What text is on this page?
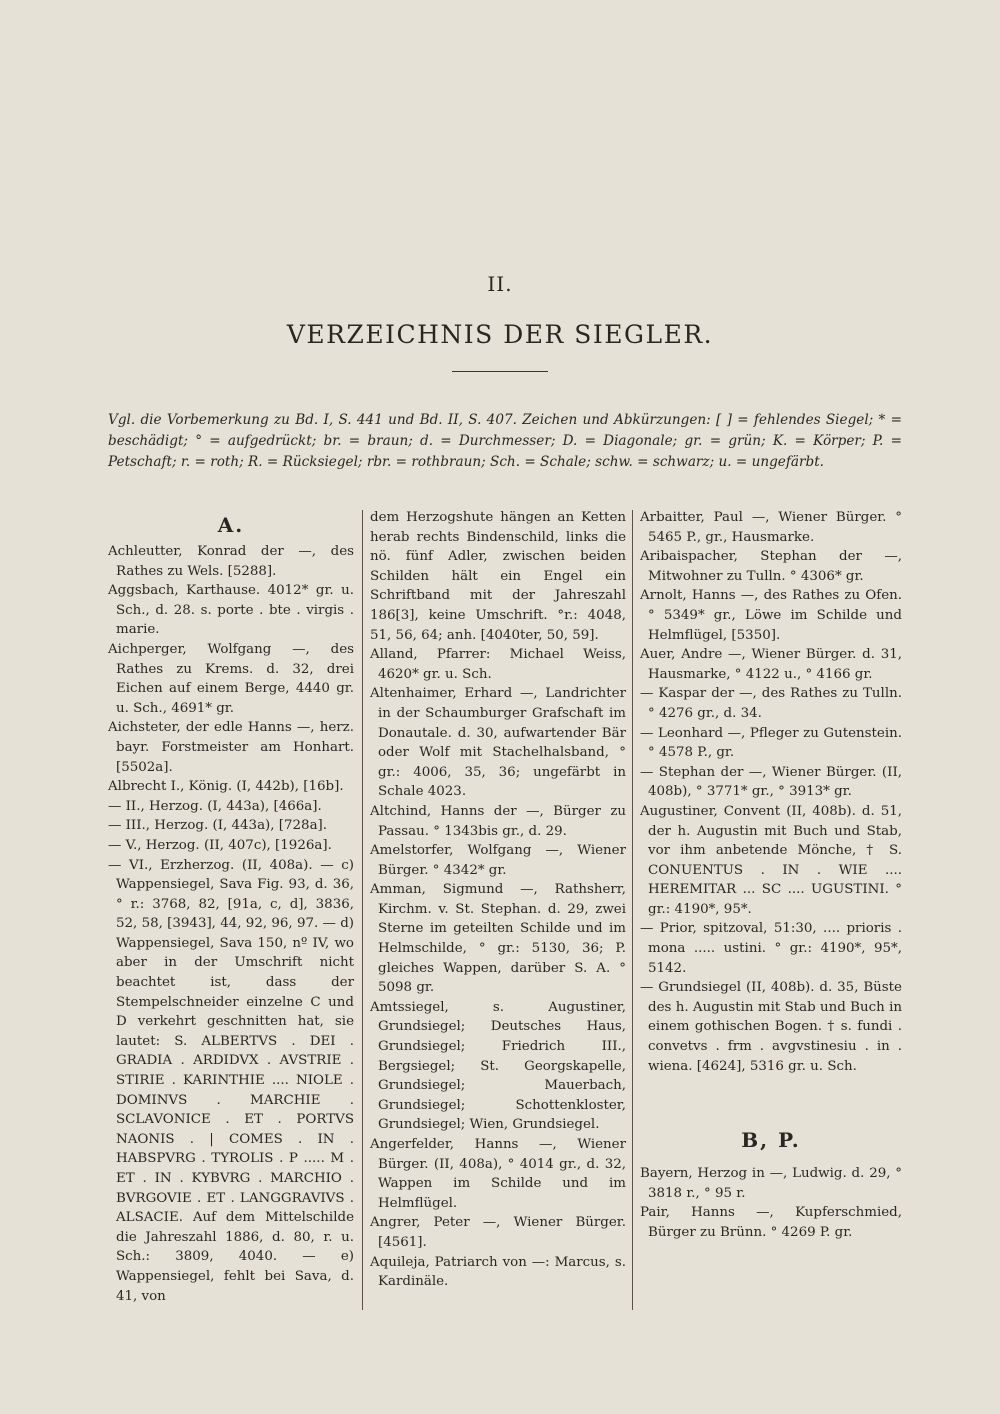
II.
VERZEICHNIS DER SIEGLER.
Vgl. die Vorbemerkung zu Bd. I, S. 441 und Bd. II, S. 407. Zeichen und Abkürzungen: [ ] = fehlendes Siegel; * = beschädigt; ° = aufgedrückt; br. = braun; d. = Durchmesser; D. = Diagonale; gr. = grün; K. = Körper; P. = Petschaft; r. = roth; R. = Rücksiegel; rbr. = rothbraun; Sch. = Schale; schw. = schwarz; u. = ungefärbt.
A.
Achleutter, Konrad der —, des Rathes zu Wels. [5288].
Aggsbach, Karthause. 4012* gr. u. Sch., d. 28. s. porte . bte . virgis . marie.
Aichperger, Wolfgang —, des Rathes zu Krems. d. 32, drei Eichen auf einem Berge, 4440 gr. u. Sch., 4691* gr.
Aichsteter, der edle Hanns —, herz. bayr. Forstmeister am Honhart. [5502a].
Albrecht I., König. (I, 442b), [16b].
— II., Herzog. (I, 443a), [466a].
— III., Herzog. (I, 443a), [728a].
— V., Herzog. (II, 407c), [1926a].
— VI., Erzherzog. (II, 408a). — c) Wappensiegel, Sava Fig. 93, d. 36, ° r.: 3768, 82, [91a, c, d], 3836, 52, 58, [3943], 44, 92, 96, 97. — d) Wappensiegel, Sava 150, nº IV, wo aber in der Umschrift nicht beachtet ist, dass der Stempelschneider einzelne C und D verkehrt geschnitten hat, sie lautet: S. ALBERTVS . DEI . GRADIA . ARDIDVX . AVSTRIE . STIRIE . KARINTHIE .... NIOLE . DOMINVS . MARCHIE . SCLAVONICE . ET . PORTVS NAONIS . | COMES . IN . HABSPVRG . TYROLIS . P ..... M . ET . IN . KYBVRG . MARCHIO . BVRGOVIE . ET . LANGGRAVIVS . ALSACIE. Auf dem Mittelschilde die Jahreszahl 1886, d. 80, r. u. Sch.: 3809, 4040. — e) Wappensiegel, fehlt bei Sava, d. 41, von
dem Herzogshute hängen an Ketten herab rechts Bindenschild, links die nö. fünf Adler, zwischen beiden Schilden hält ein Engel ein Schriftband mit der Jahreszahl 186[3], keine Umschrift. °r.: 4048, 51, 56, 64; anh. [4040ter, 50, 59].
Alland, Pfarrer: Michael Weiss, 4620* gr. u. Sch.
Altenhaimer, Erhard —, Landrichter in der Schaumburger Grafschaft im Donautale. d. 30, aufwartender Bär oder Wolf mit Stachelhalsband, ° gr.: 4006, 35, 36; ungefärbt in Schale 4023.
Altchind, Hanns der —, Bürger zu Passau. ° 1343bis gr., d. 29.
Amelstorfer, Wolfgang —, Wiener Bürger. ° 4342* gr.
Amman, Sigmund —, Rathsherr, Kirchm. v. St. Stephan. d. 29, zwei Sterne im geteilten Schilde und im Helmschilde, ° gr.: 5130, 36; P. gleiches Wappen, darüber S. A. ° 5098 gr.
Amtssiegel, s. Augustiner, Grundsiegel; Deutsches Haus, Grundsiegel; Friedrich III., Bergsiegel; St. Georgskapelle, Grundsiegel; Mauerbach, Grundsiegel; Schottenkloster, Grundsiegel; Wien, Grundsiegel.
Angerfelder, Hanns —, Wiener Bürger. (II, 408a), ° 4014 gr., d. 32, Wappen im Schilde und im Helmflügel.
Angrer, Peter —, Wiener Bürger. [4561].
Aquileja, Patriarch von —: Marcus, s. Kardinäle.
Arbaitter, Paul —, Wiener Bürger. ° 5465 P., gr., Hausmarke.
Aribaispacher, Stephan der —, Mitwohner zu Tulln. ° 4306* gr.
Arnolt, Hanns —, des Rathes zu Ofen. ° 5349* gr., Löwe im Schilde und Helmflügel, [5350].
Auer, Andre —, Wiener Bürger. d. 31, Hausmarke, ° 4122 u., ° 4166 gr.
— Kaspar der —, des Rathes zu Tulln. ° 4276 gr., d. 34.
— Leonhard —, Pfleger zu Gutenstein. ° 4578 P., gr.
— Stephan der —, Wiener Bürger. (II, 408b), ° 3771* gr., ° 3913* gr.
Augustiner, Convent (II, 408b). d. 51, der h. Augustin mit Buch und Stab, vor ihm anbetende Mönche, † S. CONUENTUS . IN . WIE .... HEREMITAR ... SC .... UGUSTINI. ° gr.: 4190*, 95*.
— Prior, spitzoval, 51:30, .... prioris . mona ..... ustini. ° gr.: 4190*, 95*, 5142.
— Grundsiegel (II, 408b). d. 35, Büste des h. Augustin mit Stab und Buch in einem gothischen Bogen. † s. fundi . convetvs . frm . avgvstinesiu . in . wiena. [4624], 5316 gr. u. Sch.
B, P.
Bayern, Herzog in —, Ludwig. d. 29, ° 3818 r., ° 95 r.
Pair, Hanns —, Kupferschmied, Bürger zu Brünn. ° 4269 P. gr.
